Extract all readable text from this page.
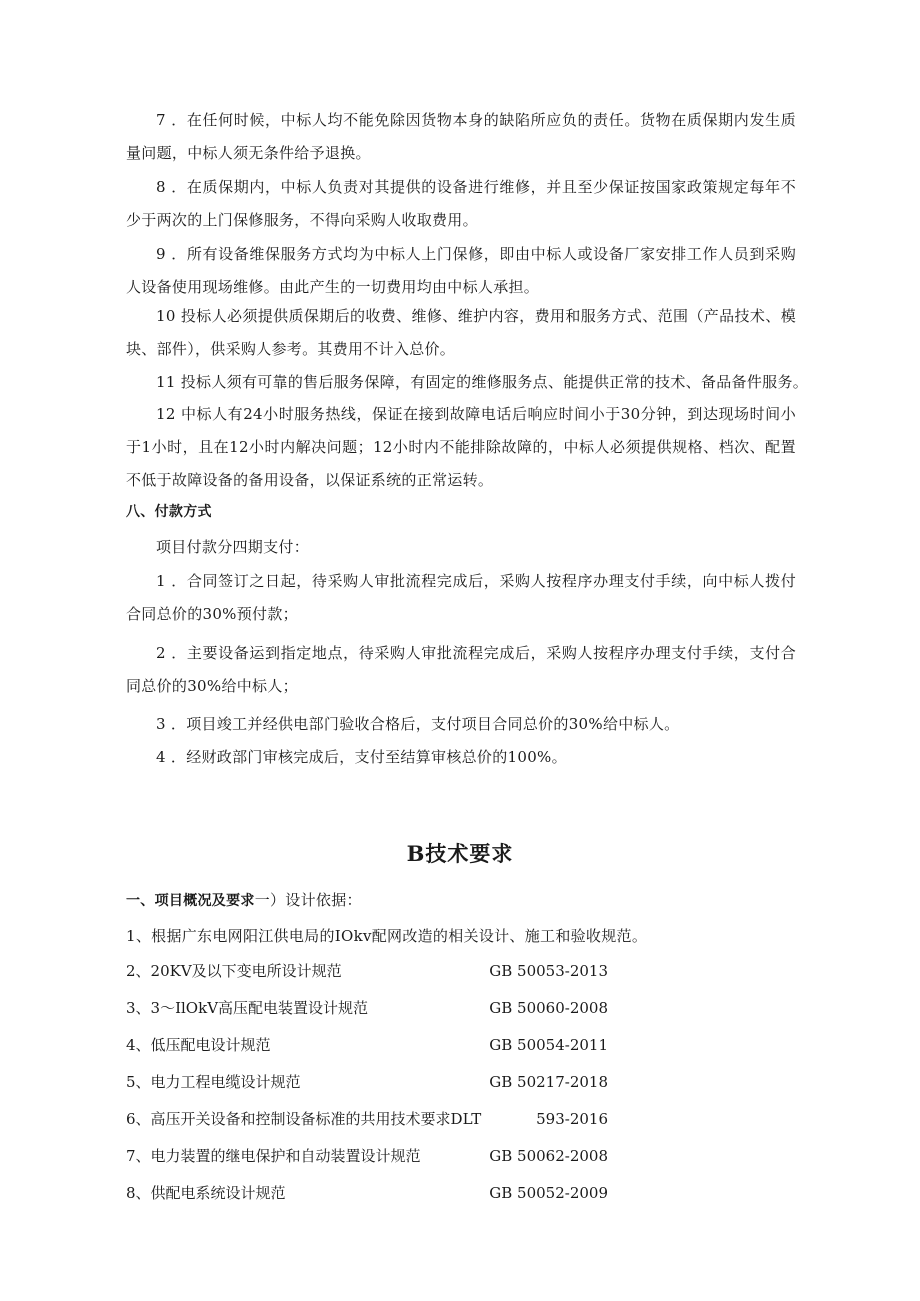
7 ．在任何时候，中标人均不能免除因货物本身的缺陷所应负的责任。货物在质保期内发生质量问题，中标人须无条件给予退换。

8 ．在质保期内，中标人负责对其提供的设备进行维修，并且至少保证按国家政策规定每年不少于两次的上门保修服务，不得向采购人收取费用。

9 ．所有设备维保服务方式均为中标人上门保修，即由中标人或设备厂家安排工作人员到采购人设备使用现场维修。由此产生的一切费用均由中标人承担。

10 投标人必须提供质保期后的收费、维修、维护内容，费用和服务方式、范围（产品技术、模块、部件），供采购人参考。其费用不计入总价。

11 投标人须有可靠的售后服务保障，有固定的维修服务点、能提供正常的技术、备品备件服务。

12 中标人有24小时服务热线，保证在接到故障电话后响应时间小于30分钟，到达现场时间小于1小时，且在12小时内解决问题；12小时内不能排除故障的，中标人必须提供规格、档次、配置不低于故障设备的备用设备，以保证系统的正常运转。

八、付款方式

项目付款分四期支付：

1 ．合同签订之日起，待采购人审批流程完成后，采购人按程序办理支付手续，向中标人拨付合同总价的30%预付款；

2 ．主要设备运到指定地点，待采购人审批流程完成后，采购人按程序办理支付手续，支付合同总价的30%给中标人；

3 ．项目竣工并经供电部门验收合格后，支付项目合同总价的30%给中标人。

4 ．经财政部门审核完成后，支付至结算审核总价的100%。

B技术要求

一、项目概况及要求一）设计依据：

1、根据广东电网阳江供电局的IOkv配网改造的相关设计、施工和验收规范。

2、20KV及以下变电所设计规范	GB 50053-2013
3、3～IlOkV高压配电装置设计规范	GB 50060-2008
4、低压配电设计规范	GB 50054-2011
5、电力工程电缆设计规范	GB 50217-2018
6、高压开关设备和控制设备标准的共用技术要求DLT	593-2016
7、电力装置的继电保护和自动装置设计规范	GB 50062-2008
8、供配电系统设计规范	GB 50052-2009
